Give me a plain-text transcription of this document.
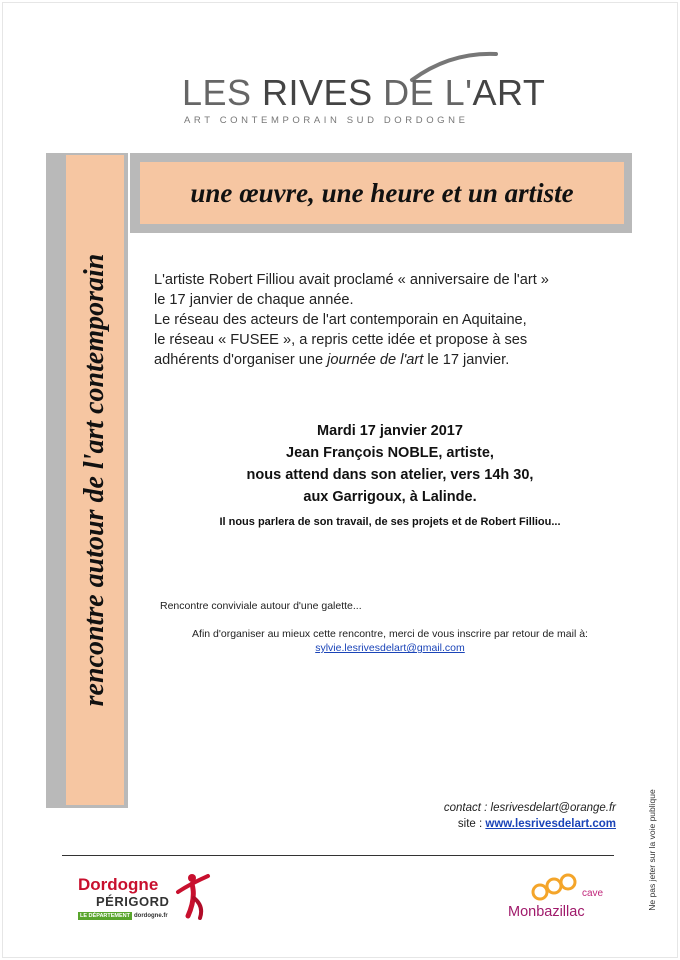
LES RIVES DE L'ART
ART CONTEMPORAIN SUD DORDOGNE
rencontre autour de l'art contemporain
une œuvre, une heure et un artiste

L'artiste Robert Filliou avait proclamé « anniversaire de l'art »

le 17 janvier de chaque année.

Le réseau des acteurs de l'art contemporain en Aquitaine,

le réseau « FUSEE », a repris cette idée et propose à ses

adhérents d'organiser une journée de l'art le 17 janvier.

Mardi 17 janvier 2017

Jean François NOBLE, artiste,

nous attend dans son atelier, vers 14h 30,

aux Garrigoux, à Lalinde.

Il nous parlera de son travail, de ses projets et de Robert Filliou...
Rencontre conviviale autour d'une galette...
Afin d'organiser au mieux cette rencontre, merci de vous inscrire par retour de mail à:
sylvie.lesrivesdelart@gmail.com

contact : lesrivesdelart@orange.fr

site : www.lesrivesdelart.com

Dordogne
PÉRIGORD
LE DÉPARTEMENT dordogne.fr
cave
Monbazillac
Ne pas jeter sur la voie publique
